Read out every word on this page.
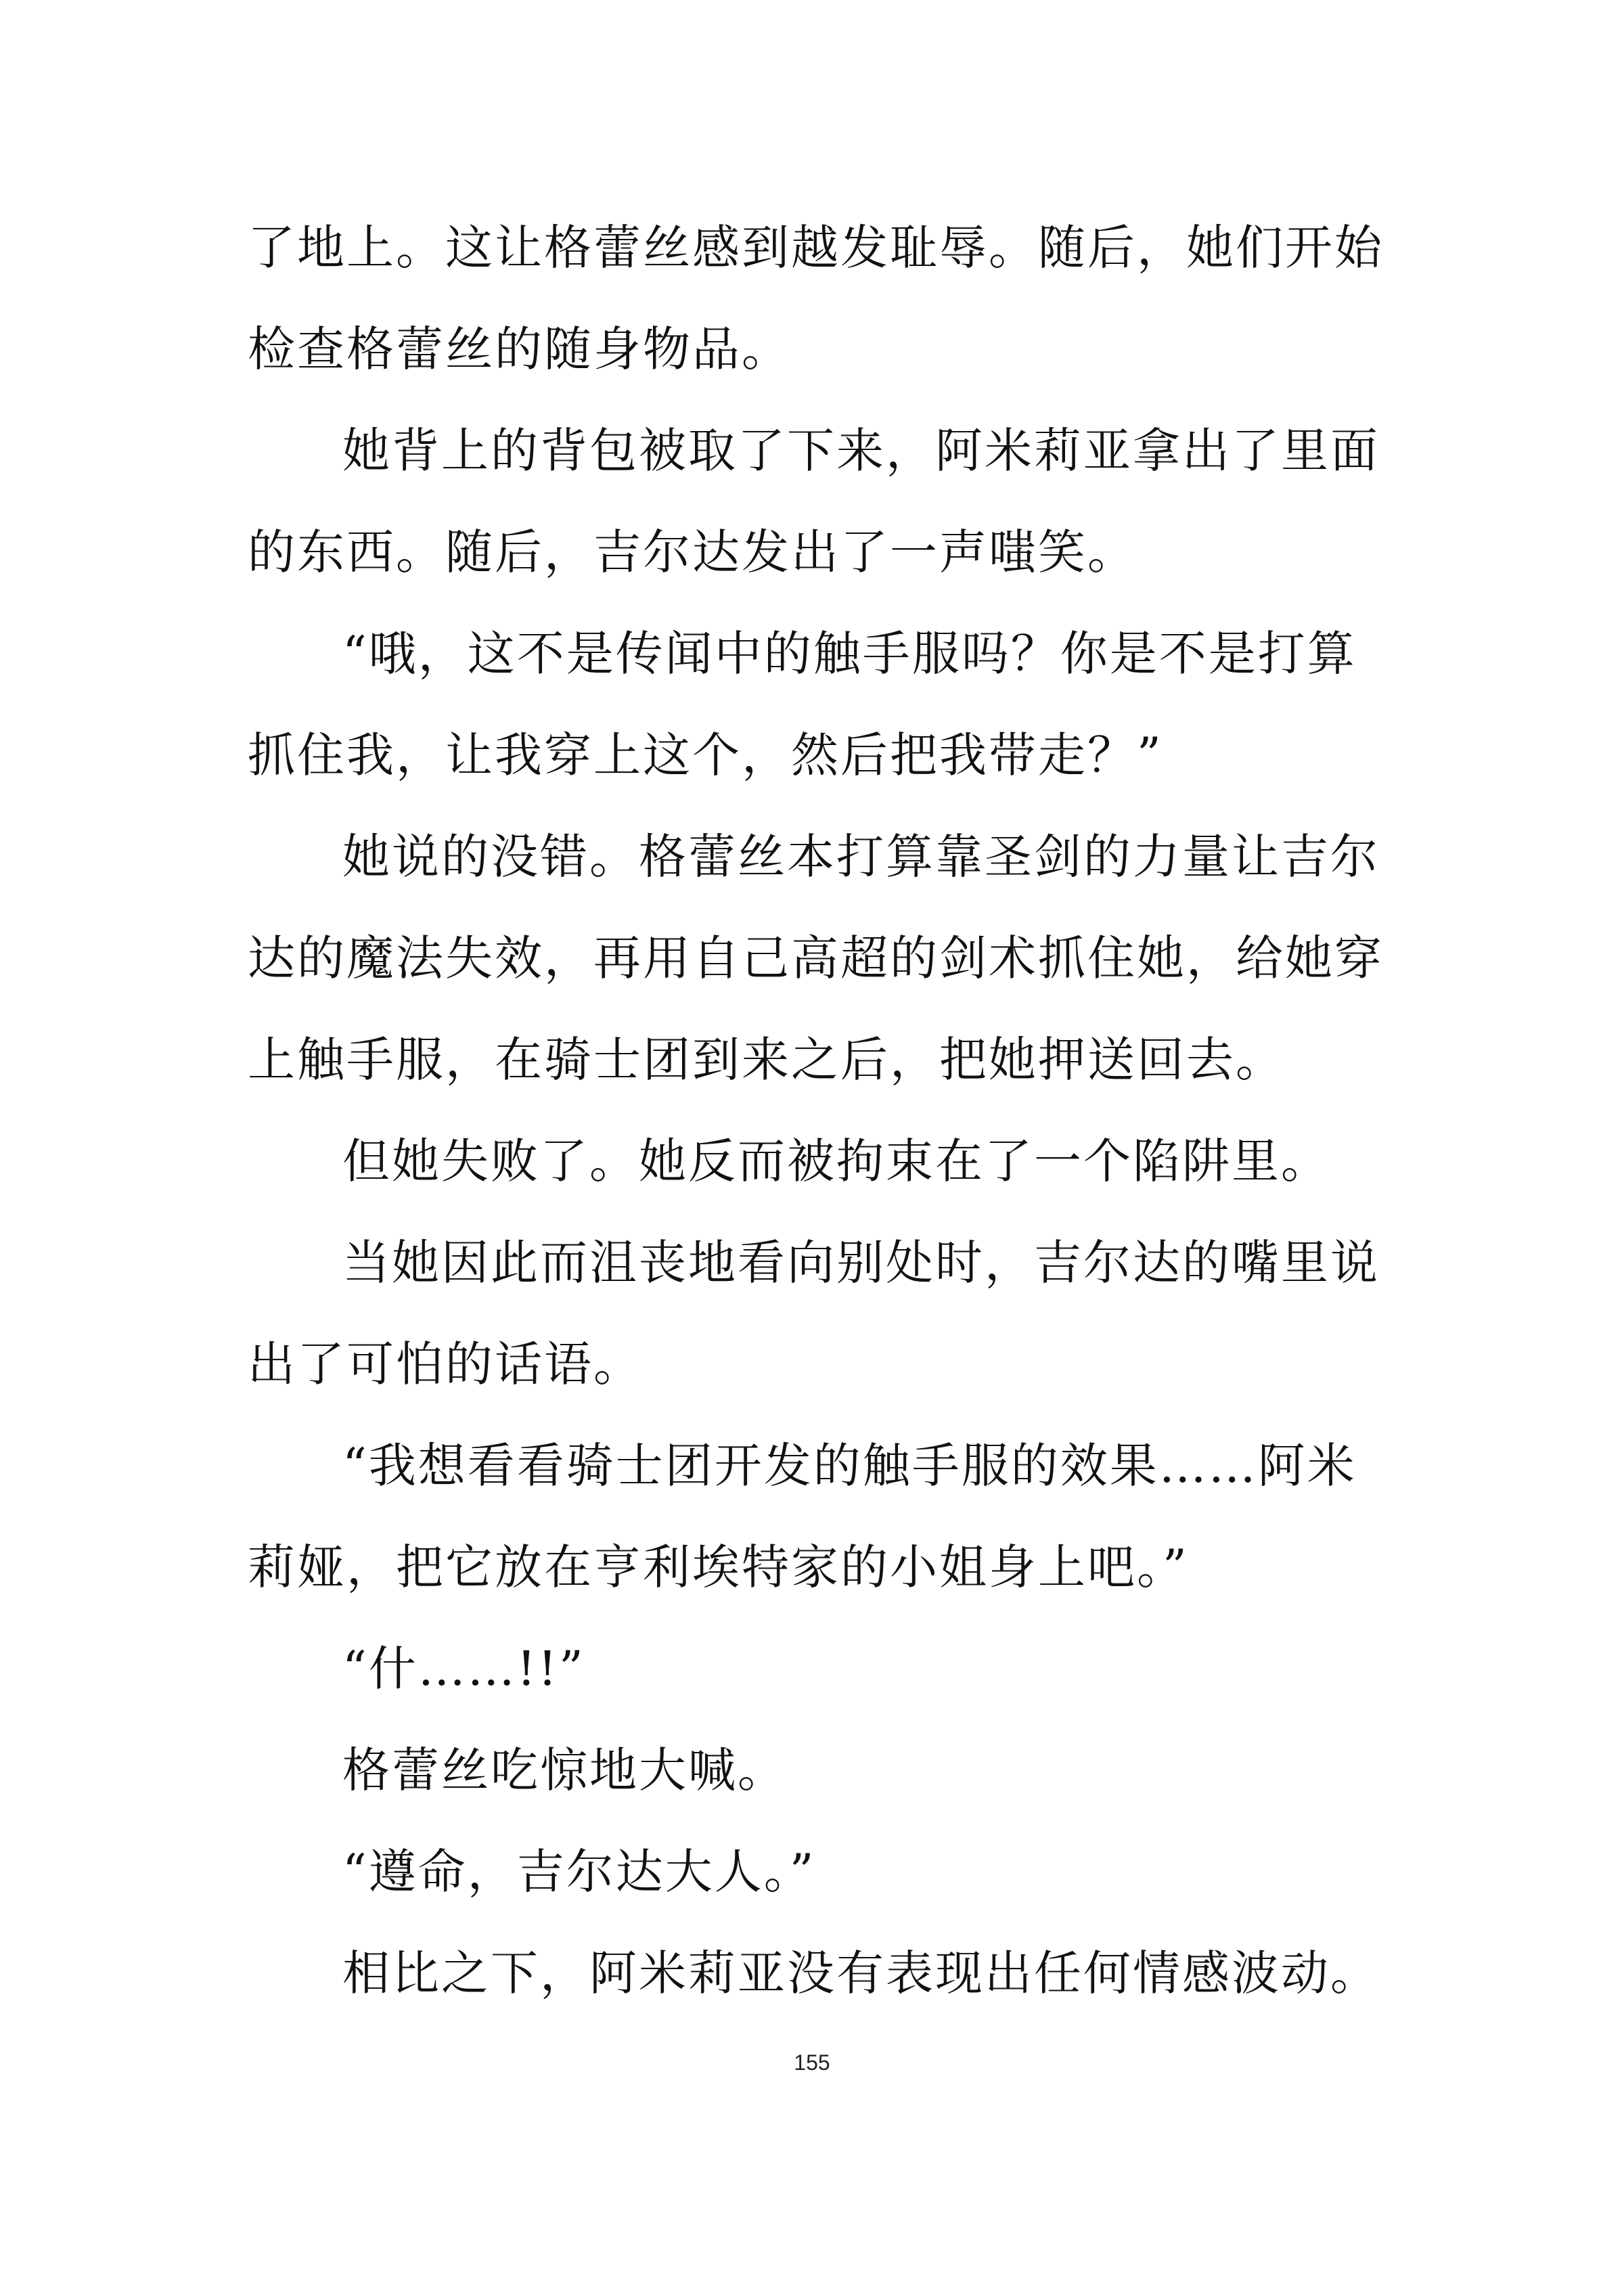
了地上。这让格蕾丝感到越发耻辱。随后，她们开始
检查格蕾丝的随身物品。
她背上的背包被取了下来，阿米莉亚拿出了里面
的东西。随后，吉尔达发出了一声嗤笑。
“哦，这不是传闻中的触手服吗？你是不是打算
抓住我，让我穿上这个，然后把我带走？”
她说的没错。格蕾丝本打算靠圣剑的力量让吉尔
达的魔法失效，再用自己高超的剑术抓住她，给她穿
上触手服，在骑士团到来之后，把她押送回去。
但她失败了。她反而被拘束在了一个陷阱里。
当她因此而沮丧地看向别处时，吉尔达的嘴里说
出了可怕的话语。
“我想看看骑士团开发的触手服的效果……阿米
莉娅，把它放在亨利埃特家的小姐身上吧。”
“什……!!”
格蕾丝吃惊地大喊。
“遵命，吉尔达大人。”
相比之下，阿米莉亚没有表现出任何情感波动。
155
